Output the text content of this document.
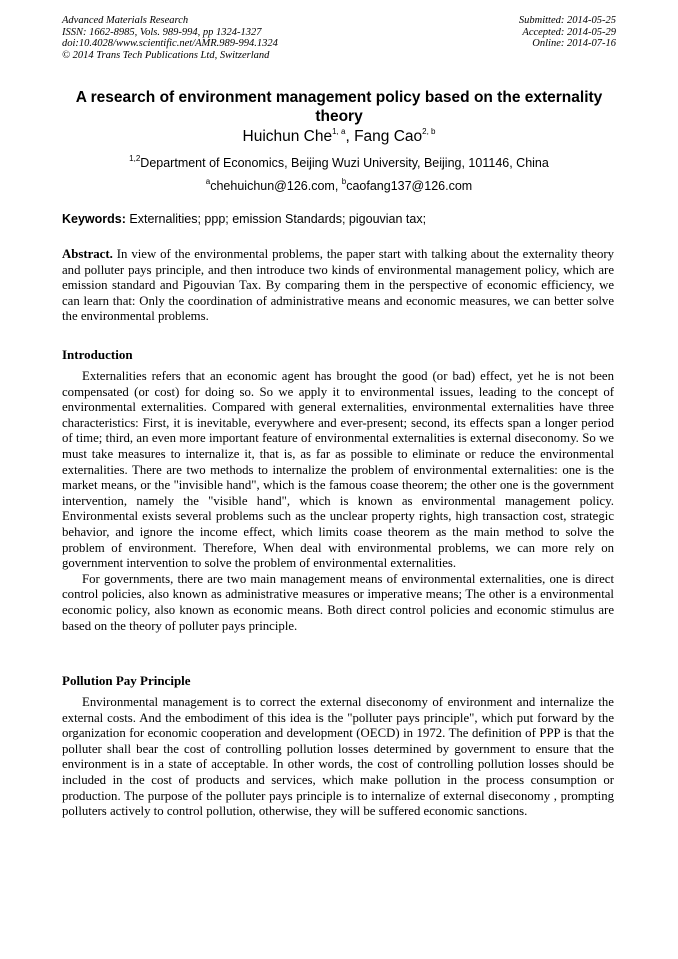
Advanced Materials Research
ISSN: 1662-8985, Vols. 989-994, pp 1324-1327
doi:10.4028/www.scientific.net/AMR.989-994.1324
© 2014 Trans Tech Publications Ltd, Switzerland
Submitted: 2014-05-25
Accepted: 2014-05-29
Online: 2014-07-16
A research of environment management policy based on the externality theory
Huichun Che$^{1, a}$, Fang Cao$^{2, b}$
$^{1,2}$Department of Economics, Beijing Wuzi University, Beijing, 101146, China
$^a$chehuichun@126.com, $^b$caofang137@126.com
Keywords: Externalities; ppp; emission Standards; pigouvian tax;

Abstract. In view of the environmental problems, the paper start with talking about the externality theory and polluter pays principle, and then introduce two kinds of environmental management policy, which are emission standard and Pigouvian Tax. By comparing them in the perspective of economic efficiency, we can learn that: Only the coordination of administrative means and economic measures, we can better solve the environmental problems.

Introduction

Externalities refers that an economic agent has brought the good (or bad) effect, yet he is not been compensated (or cost) for doing so. So we apply it to environmental issues, leading to the concept of environmental externalities. Compared with general externalities, environmental externalities have three characteristics: First, it is inevitable, everywhere and ever-present; second, its effects span a longer period of time; third, an even more important feature of environmental externalities is external diseconomy. So we must take measures to internalize it, that is, as far as possible to eliminate or reduce the environmental externalities. There are two methods to internalize the problem of environmental externalities: one is the market means, or the "invisible hand", which is the famous coase theorem; the other one is the government intervention, namely the "visible hand", which is known as environmental management policy. Environmental exists several problems such as the unclear property rights, high transaction cost, strategic behavior, and ignore the income effect, which limits coase theorem as the main method to solve the problem of environment. Therefore, When deal with environmental problems, we can more rely on government intervention to solve the problem of environmental externalities.

For governments, there are two main management means of environmental externalities, one is direct control policies, also known as administrative measures or imperative means; The other is a environmental economic policy, also known as economic means. Both direct control policies and economic stimulus are based on the theory of polluter pays principle.

Pollution Pay Principle

Environmental management is to correct the external diseconomy of environment and internalize the external costs. And the embodiment of this idea is the "polluter pays principle", which put forward by the organization for economic cooperation and development (OECD) in 1972. The definition of PPP is that the polluter shall bear the cost of controlling pollution losses determined by government to ensure that the environment is in a state of acceptable. In other words, the cost of controlling pollution losses should be included in the cost of products and services, which make pollution in the process consumption or production. The purpose of the polluter pays principle is to internalize of external diseconomy , prompting polluters actively to control pollution, otherwise, they will be suffered economic sanctions.
